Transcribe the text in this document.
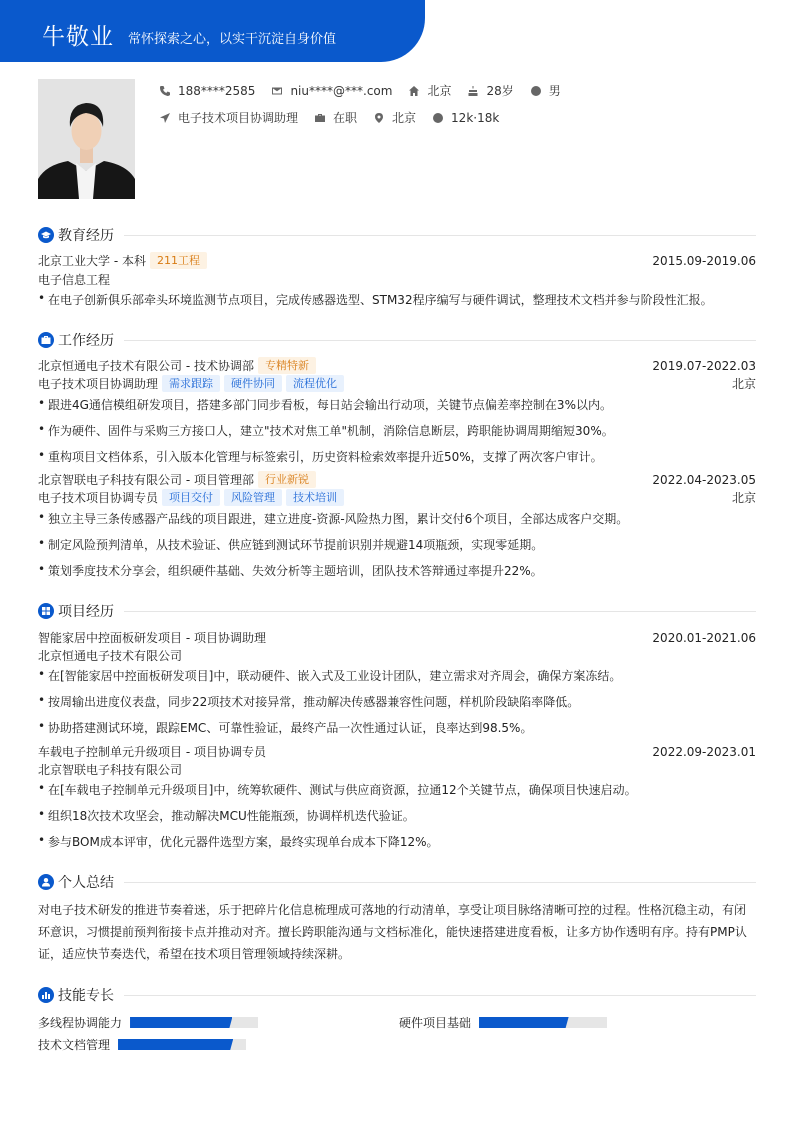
牛敬业 常怀探索之心，以实干沉淀自身价值
188****2585	niu****@***.com	北京	28岁	男
电子技术项目协调助理	在职	北京	12k·18k
教育经历
北京工业大学 - 本科	211工程	2015.09-2019.06
电子信息工程
• 在电子创新俱乐部牵头环境监测节点项目，完成传感器选型、STM32程序编写与硬件调试，整理技术文档并参与阶段性汇报。
工作经历
北京恒通电子技术有限公司 - 技术协调部	专精特新	2019.07-2022.03
电子技术项目协调助理	需求跟踪	硬件协同	流程优化	北京
• 跟进4G通信模组研发项目，搭建多部门同步看板，每日站会输出行动项，关键节点偏差率控制在3%以内。
• 作为硬件、固件与采购三方接口人，建立"技术对焦工单"机制，消除信息断层，跨职能协调周期缩短30%。
• 重构项目文档体系，引入版本化管理与标签索引，历史资料检索效率提升近50%，支撑了两次客户审计。
北京智联电子科技有限公司 - 项目管理部	行业新锐	2022.04-2023.05
电子技术项目协调专员	项目交付	风险管理	技术培训	北京
• 独立主导三条传感器产品线的项目跟进，建立进度-资源-风险热力图，累计交付6个项目，全部达成客户交期。
• 制定风险预判清单，从技术验证、供应链到测试环节提前识别并规避14项瓶颈，实现零延期。
• 策划季度技术分享会，组织硬件基础、失效分析等主题培训，团队技术答辩通过率提升22%。
项目经历
智能家居中控面板研发项目 - 项目协调助理	2020.01-2021.06
北京恒通电子技术有限公司
• 在[智能家居中控面板研发项目]中，联动硬件、嵌入式及工业设计团队，建立需求对齐周会，确保方案冻结。
• 按周输出进度仪表盘，同步22项技术对接异常，推动解决传感器兼容性问题，样机阶段缺陷率降低。
• 协助搭建测试环境，跟踪EMC、可靠性验证，最终产品一次性通过认证，良率达到98.5%。
车载电子控制单元升级项目 - 项目协调专员	2022.09-2023.01
北京智联电子科技有限公司
• 在[车载电子控制单元升级项目]中，统筹软硬件、测试与供应商资源，拉通12个关键节点，确保项目快速启动。
• 组织18次技术攻坚会，推动解决MCU性能瓶颈，协调样机迭代验证。
• 参与BOM成本评审，优化元器件选型方案，最终实现单台成本下降12%。
个人总结
对电子技术研发的推进节奏着迷，乐于把碎片化信息梳理成可落地的行动清单，享受让项目脉络清晰可控的过程。性格沉稳主动，有闭环意识，习惯提前预判衔接卡点并推动对齐。擅长跨职能沟通与文档标准化，能快速搭建进度看板，让多方协作透明有序。持有PMP认证，适应快节奏迭代，希望在技术项目管理领域持续深耕。
技能专长
多线程协调能力	硬件项目基础
技术文档管理
